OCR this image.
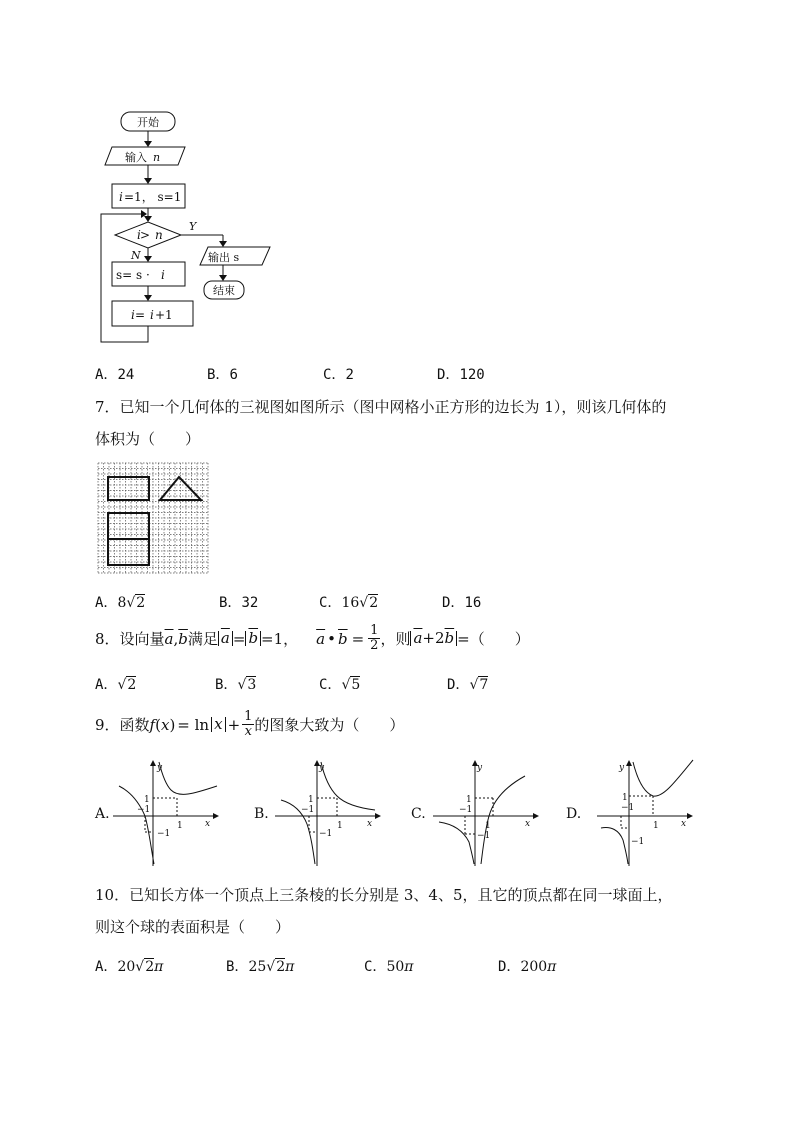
开始
输入 n
i =1， s=1
i > n
Y
N	输出 s
结束
s= s · i
i = i +1
A．24	B．6	C．2	D．120
7．已知一个几何体的三视图如图所示（图中网格小正方形的边长为 1），则该几何体的
体积为（　　）
A．8√2	B．32	C．16√2	D．16
8．设向量 $\overline{a}$ , $\overline{b}$ 满足 $\overline{a} = \overline{b} =1$， $\overline{a}$ • $\overline{b} = \frac{1}{2}$ ，则 $\overline{a}+2\overline{b}$ =（　　）
A．√2	B．√3	C．√5	D．√7
9．函数 f ( x ) = $\ln x + \frac{1}{x}$ 的图象大致为（　　）
A.
y
x
−1
1
1
−1
B.
y
x
−1
1
1
−1
C.
y
x
−1
1
1
−1
D.
y
x
−1
1
1
−1
10．已知长方体一个顶点上三条棱的长分别是 3、4、5，且它的顶点都在同一球面上，
则这个球的表面积是（　　）
A．20√2π	B．25√2π	C．50π	D．200π
